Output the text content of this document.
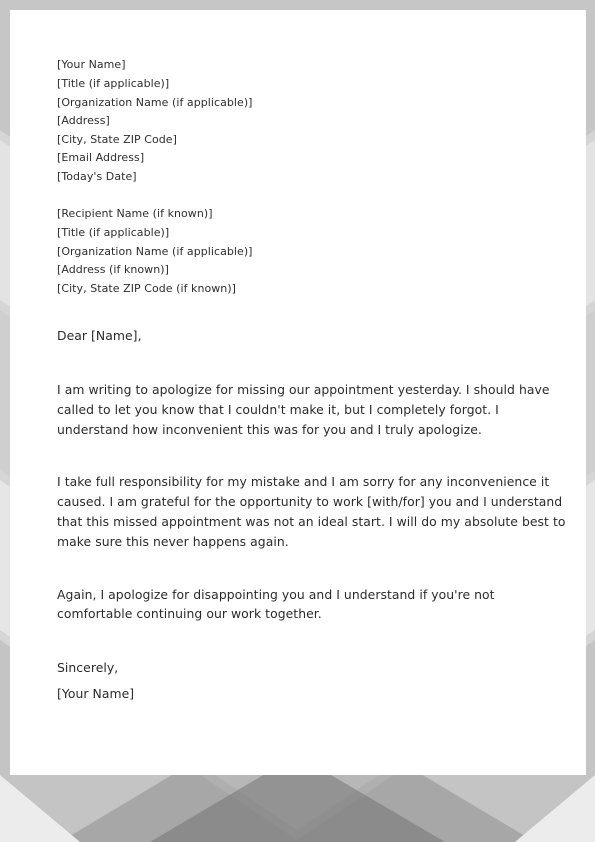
[Your Name]

[Title (if applicable)]

[Organization Name (if applicable)]

[Address]

[City, State ZIP Code]

[Email Address]

[Today's Date]

[Recipient Name (if known)]

[Title (if applicable)]

[Organization Name (if applicable)]

[Address (if known)]

[City, State ZIP Code (if known)]

Dear [Name],

I am writing to apologize for missing our appointment yesterday. I should have

called to let you know that I couldn't make it, but I completely forgot. I

understand how inconvenient this was for you and I truly apologize.

I take full responsibility for my mistake and I am sorry for any inconvenience it

caused. I am grateful for the opportunity to work [with/for] you and I understand

that this missed appointment was not an ideal start. I will do my absolute best to

make sure this never happens again.

Again, I apologize for disappointing you and I understand if you're not

comfortable continuing our work together.

Sincerely,

[Your Name]
